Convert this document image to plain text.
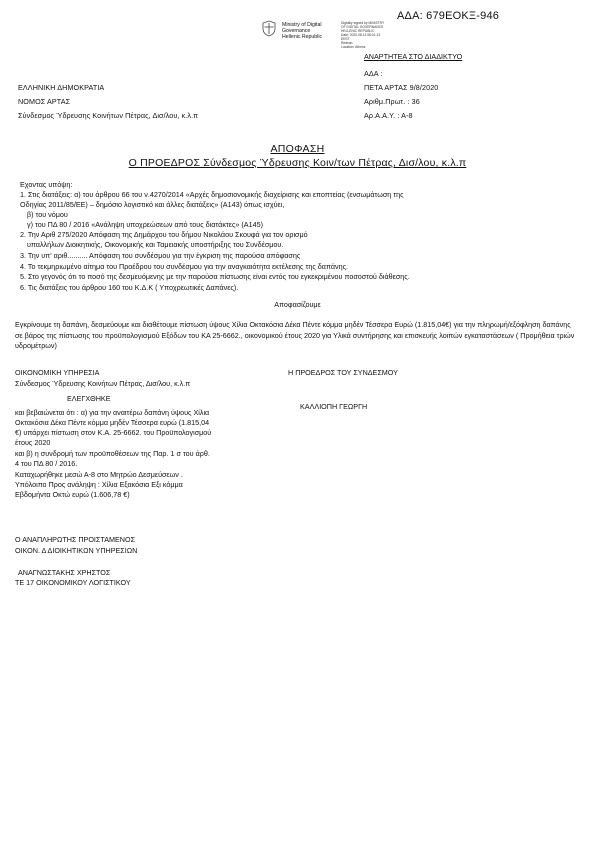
ΑΔΑ: 679ΕΟΚΞ-946
Ministry of Digital
Governance
Hellenic Republic
Digitally signed by MINISTRY
OF DIGITAL GOVERNANCE
HELLENIC REPUBLIC
Date: 2020.08.13 08:01:13
EEST
Reason:
Location: Athens
ΑΝΑΡΤΗΤΕΑ ΣΤΟ ΔΙΑΔΙΚΤΥΟ
ΕΛΛΗΝΙΚΗ ΔΗΜΟΚΡΑΤΙΑ
ΝΟΜΟΣ ΑΡΤΑΣ
Σύνδεσμος Ύδρευσης Κοινήτων Πέτρας, Δισ/λου, κ.λ.π
ΑΔΑ :
ΠΕΤΑ ΑΡΤΑΣ 9/8/2020
Αριθμ.Πρωτ. : 36
Αρ.Α.Α.Υ. : Α-8
ΑΠΟΦΑΣΗ
Ο ΠΡΟΕΔΡΟΣ Σύνδεσμος Ύδρευσης Κοιν/των Πέτρας, Δισ/λου, κ.λ.π
Εχοντας υπόψη:
1. Στις διατάξεις: α) του άρθρου 66 του ν.4270/2014 «Αρχές δημοσιονομικής διαχείρισης και εποπτείας (ενσωμάτωση της
Οδηγίας 2011/85/ΕΕ) – δημόσιο λογιστικό και άλλες διατάξεις» (Α143) όπως ισχύει,
β) του νόμου
γ) του ΠΔ 80 / 2016 «Ανάληψη υποχρεώσεων από τους διατάκτες» (Α145)
2. Την Αριθ 275/2020 Απόφαση της Δημάρχου του δήμου Νικολάου Σκουφά για τον ορισμό
υπαλλήλων Διοικητικής, Οικονομικής και Ταμειακής υποστήριξης του Συνδέσμου.
3. Την υπ' αριθ.......... Απόφαση του συνδέσμου για την έγκριση της παρούσα απόφασης
4. Το τεκμηριωμένο αίτημα του Προέδρου του συνδέσμου για την αναγκαιότητα εκτέλεσης της δαπάνης.
5. Στο γεγονός ότι το ποσό της δεσμευόμενης με την παρούσα πίστωσης είναι εντός του εγκεκριμένου ποσοστού διάθεσης.
6. Τις διατάξεις του άρθρου 160 του Κ.Δ.Κ ( Υποχρεωτικές Δαπάνες).
Αποφασίζουμε
Εγκρίνουμε τη δαπάνη, δεσμεύουμε και διαθέτουμε πίστωση ύψους Χίλια Οκτακόσια Δέκα Πέντε κόμμα μηδέν Τέσσερα Ευρώ (1.815,04€) για την πληρωμή/εξόφληση δαπάνης σε βάρος της πίστωσης του προϋπολογισμού Εξόδων του ΚΑ 25-6662., οικονομικού έτους 2020 για Υλικά συντήρησης και επισκευής λοιπών εγκαταστάσεων ( Προμήθεια τριών υδρομέτρων)
ΟΙΚΟΝΟΜΙΚΗ ΥΠΗΡΕΣΙΑ
Σύνδεσμος Ύδρευσης Κοινήτων Πέτρας, Δισ/λου, κ.λ.π
ΕΛΕΓΧΘΗΚΕ
και βεβαιώνεται ότι : α) για την αναιτέρω δαπάνη ύψους Χίλια
Οκτακόσια Δέκα Πέντε κόμμα μηδέν Τέσσερα ευρώ (1.815,04
€) υπάρχει πίστωση στον Κ.Α. 25-6662. του Προϋπολογισμού
έτους 2020
και β) η συνδρομή των προϋποθέσεων της Παρ. 1 σ του άρθ.
4 του ΠΔ 80 / 2016.
Καταχωρήθηκε μεσώ Α-8 στο Μητρώο Δεσμεύσεων .
Υπόλοιπο Προς ανάληψη : Χίλια Εξακόσια Εξι κόμμα
Εβδομήντα Οκτώ ευρώ (1.606,78 €)
Η ΠΡΟΕΔΡΟΣ ΤΟΥ ΣΥΝΔΕΣΜΟΥ
ΚΑΛΛΙΟΠΗ ΓΕΩΡΓΗ
Ο ΑΝΑΠΛΗΡΩΤΗΣ ΠΡΟΙΣΤΑΜΕΝΟΣ
ΟΙΚΟΝ. Δ ΔΙΟΙΚΗΤΙΚΩΝ ΥΠΗΡΕΣΙΩΝ
ΑΝΑΓΝΩΣΤΑΚΗΣ ΧΡΗΣΤΟΣ
ΤΕ 17 ΟΙΚΟΝΟΜΙΚΟΥ ΛΟΓΙΣΤΙΚΟΥ
